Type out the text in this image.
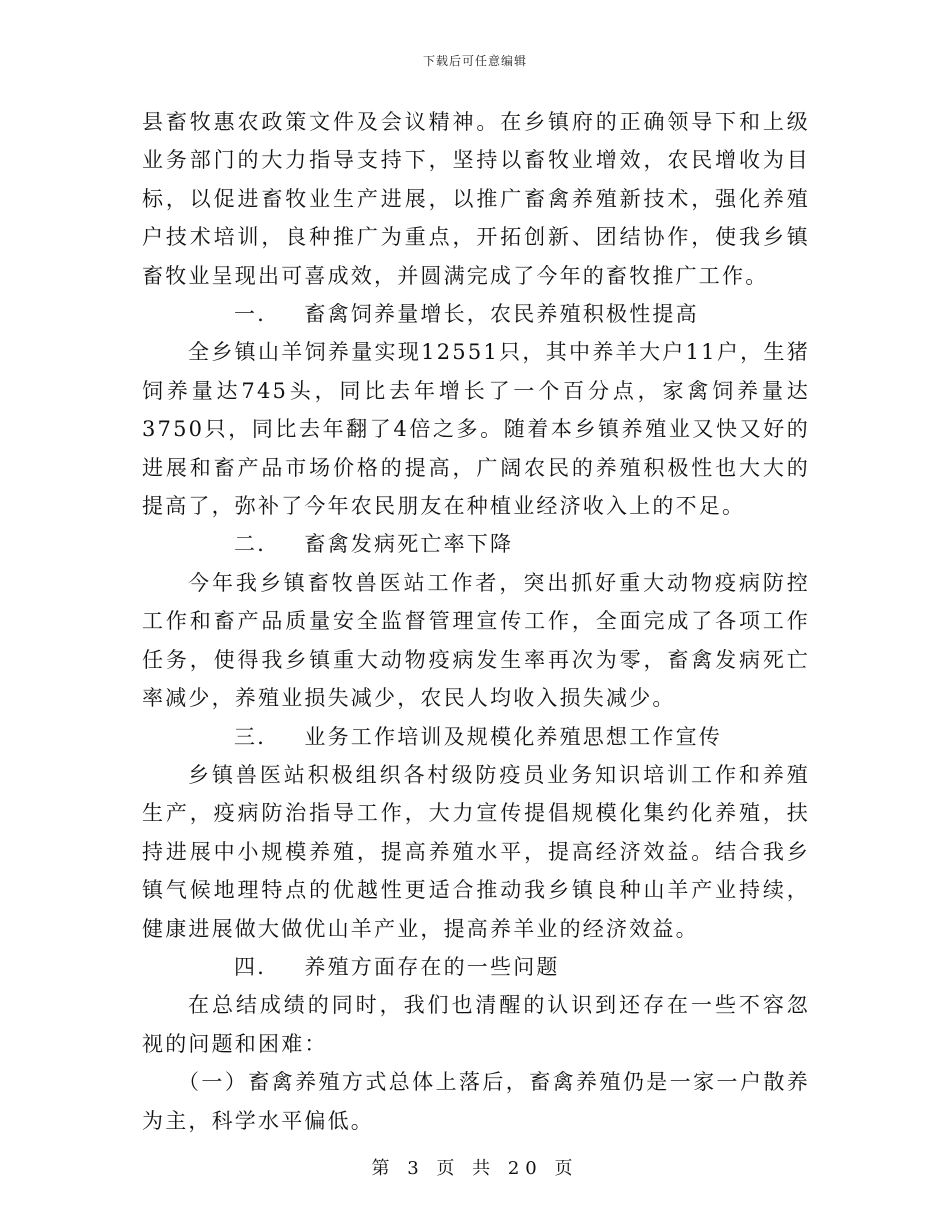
下载后可任意编辑

县畜牧惠农政策文件及会议精神。在乡镇府的正确领导下和上级业务部门的大力指导支持下，坚持以畜牧业增效，农民增收为目标，以促进畜牧业生产进展，以推广畜禽养殖新技术，强化养殖户技术培训，良种推广为重点，开拓创新、团结协作，使我乡镇畜牧业呈现出可喜成效，并圆满完成了今年的畜牧推广工作。

一． 畜禽饲养量增长，农民养殖积极性提高

全乡镇山羊饲养量实现12551只，其中养羊大户11户，生猪饲养量达745头，同比去年增长了一个百分点，家禽饲养量达3750只，同比去年翻了4倍之多。随着本乡镇养殖业又快又好的进展和畜产品市场价格的提高，广阔农民的养殖积极性也大大的提高了，弥补了今年农民朋友在种植业经济收入上的不足。

二． 畜禽发病死亡率下降

今年我乡镇畜牧兽医站工作者，突出抓好重大动物疫病防控工作和畜产品质量安全监督管理宣传工作，全面完成了各项工作任务，使得我乡镇重大动物疫病发生率再次为零，畜禽发病死亡率减少，养殖业损失减少，农民人均收入损失减少。

三． 业务工作培训及规模化养殖思想工作宣传

乡镇兽医站积极组织各村级防疫员业务知识培训工作和养殖生产，疫病防治指导工作，大力宣传提倡规模化集约化养殖，扶持进展中小规模养殖，提高养殖水平，提高经济效益。结合我乡镇气候地理特点的优越性更适合推动我乡镇良种山羊产业持续，健康进展做大做优山羊产业，提高养羊业的经济效益。

四． 养殖方面存在的一些问题

在总结成绩的同时，我们也清醒的认识到还存在一些不容忽视的问题和困难：

（一）畜禽养殖方式总体上落后，畜禽养殖仍是一家一户散养为主，科学水平偏低。

第 3 页 共 20 页
